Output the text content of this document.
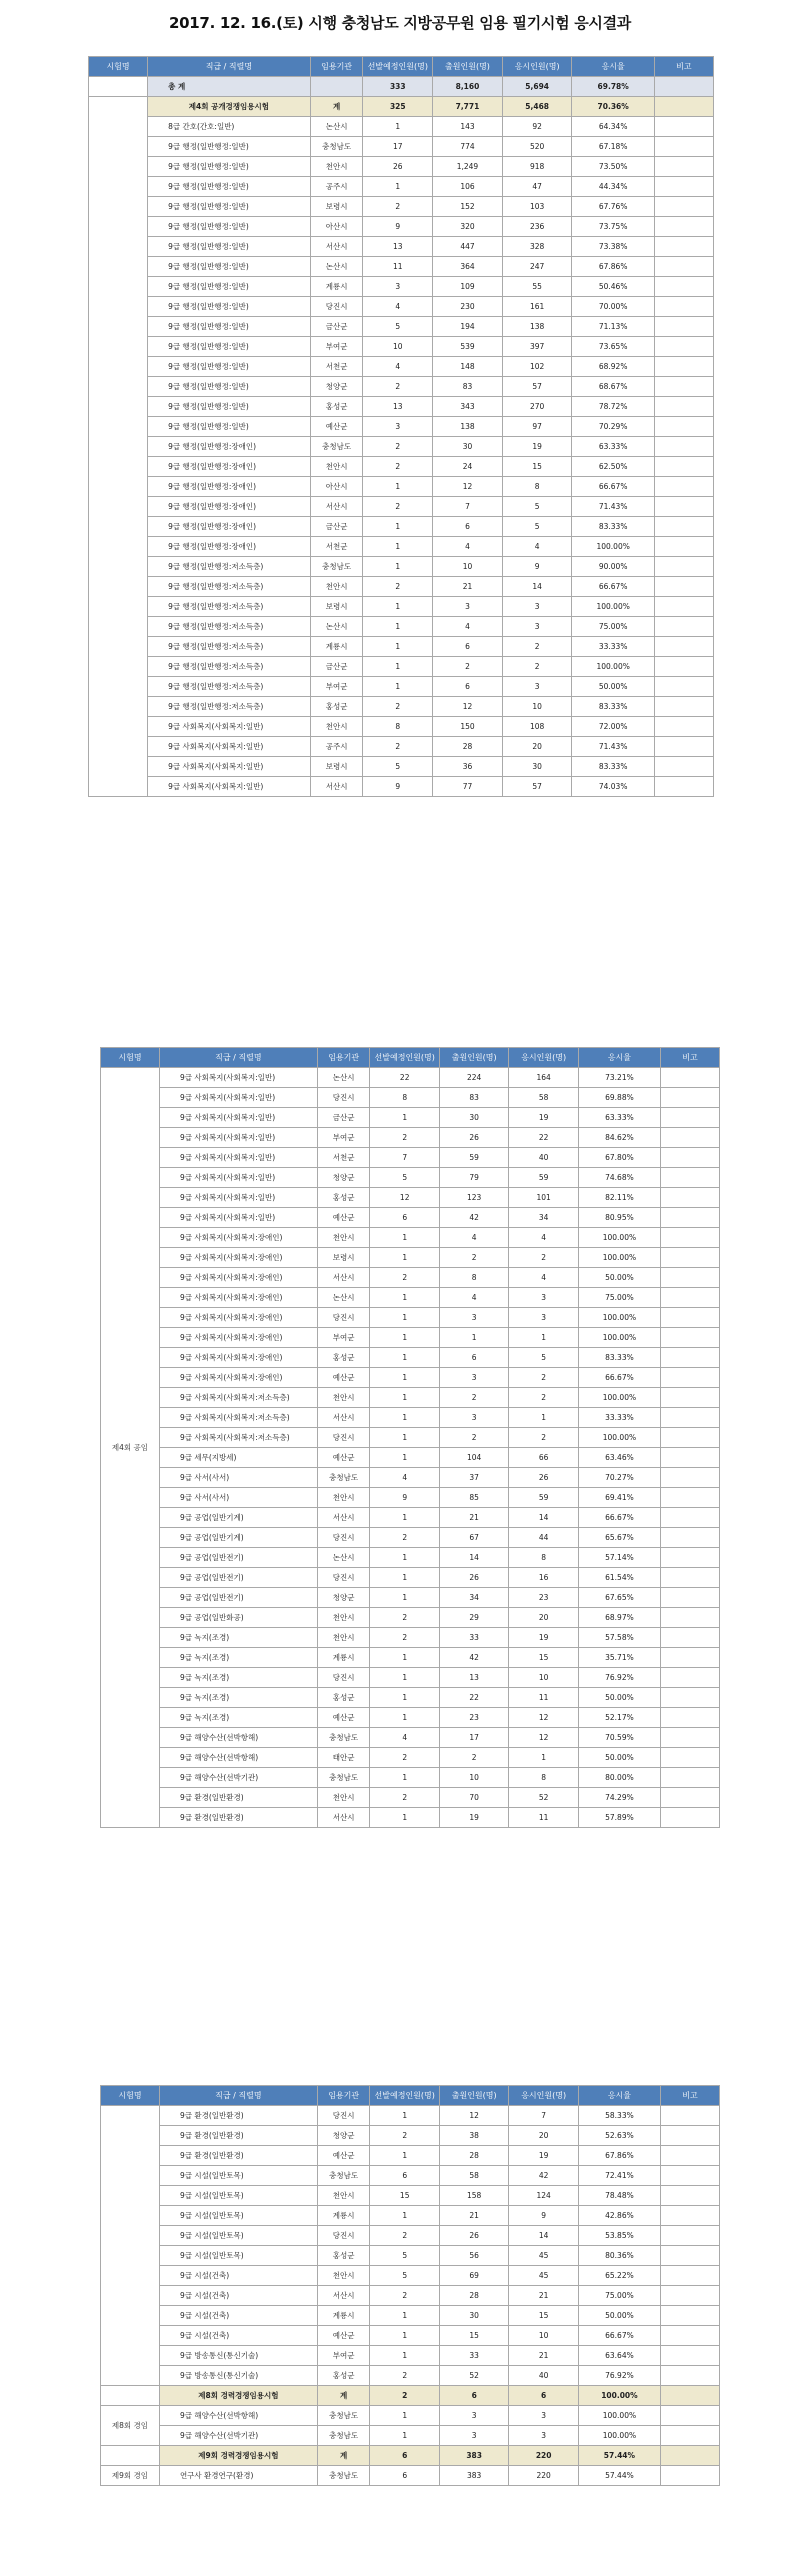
2017. 12. 16.(토) 시행 충청남도 지방공무원 임용 필기시험 응시결과
시험명	직급 / 직렬명	임용기관	선발예정인원(명)	출원인원(명)	응시인원(명)	응시율	비고
	총 계		333	8,160	5,694	69.78%	
	제4회 공개경쟁임용시험	계	325	7,771	5,468	70.36%	
	8급 간호(간호:일반)	논산시	1	143	92	64.34%	
	9급 행정(일반행정:일반)	충청남도	17	774	520	67.18%	
	9급 행정(일반행정:일반)	천안시	26	1,249	918	73.50%	
	9급 행정(일반행정:일반)	공주시	1	106	47	44.34%	
	9급 행정(일반행정:일반)	보령시	2	152	103	67.76%	
	9급 행정(일반행정:일반)	아산시	9	320	236	73.75%	
	9급 행정(일반행정:일반)	서산시	13	447	328	73.38%	
	9급 행정(일반행정:일반)	논산시	11	364	247	67.86%	
	9급 행정(일반행정:일반)	계룡시	3	109	55	50.46%	
	9급 행정(일반행정:일반)	당진시	4	230	161	70.00%	
	9급 행정(일반행정:일반)	금산군	5	194	138	71.13%	
	9급 행정(일반행정:일반)	부여군	10	539	397	73.65%	
	9급 행정(일반행정:일반)	서천군	4	148	102	68.92%	
	9급 행정(일반행정:일반)	청양군	2	83	57	68.67%	
	9급 행정(일반행정:일반)	홍성군	13	343	270	78.72%	
	9급 행정(일반행정:일반)	예산군	3	138	97	70.29%	
	9급 행정(일반행정:장애인)	충청남도	2	30	19	63.33%	
	9급 행정(일반행정:장애인)	천안시	2	24	15	62.50%	
	9급 행정(일반행정:장애인)	아산시	1	12	8	66.67%	
	9급 행정(일반행정:장애인)	서산시	2	7	5	71.43%	
	9급 행정(일반행정:장애인)	금산군	1	6	5	83.33%	
	9급 행정(일반행정:장애인)	서천군	1	4	4	100.00%	
	9급 행정(일반행정:저소득층)	충청남도	1	10	9	90.00%	
	9급 행정(일반행정:저소득층)	천안시	2	21	14	66.67%	
	9급 행정(일반행정:저소득층)	보령시	1	3	3	100.00%	
	9급 행정(일반행정:저소득층)	논산시	1	4	3	75.00%	
	9급 행정(일반행정:저소득층)	계룡시	1	6	2	33.33%	
	9급 행정(일반행정:저소득층)	금산군	1	2	2	100.00%	
	9급 행정(일반행정:저소득층)	부여군	1	6	3	50.00%	
	9급 행정(일반행정:저소득층)	홍성군	2	12	10	83.33%	
	9급 사회복지(사회복지:일반)	천안시	8	150	108	72.00%	
	9급 사회복지(사회복지:일반)	공주시	2	28	20	71.43%	
	9급 사회복지(사회복지:일반)	보령시	5	36	30	83.33%	
	9급 사회복지(사회복지:일반)	서산시	9	77	57	74.03%	
시험명	직급 / 직렬명	임용기관	선발예정인원(명)	출원인원(명)	응시인원(명)	응시율	비고
제4회 공임	9급 사회복지(사회복지:일반)	논산시	22	224	164	73.21%	
	9급 사회복지(사회복지:일반)	당진시	8	83	58	69.88%	
	9급 사회복지(사회복지:일반)	금산군	1	30	19	63.33%	
	9급 사회복지(사회복지:일반)	부여군	2	26	22	84.62%	
	9급 사회복지(사회복지:일반)	서천군	7	59	40	67.80%	
	9급 사회복지(사회복지:일반)	청양군	5	79	59	74.68%	
	9급 사회복지(사회복지:일반)	홍성군	12	123	101	82.11%	
	9급 사회복지(사회복지:일반)	예산군	6	42	34	80.95%	
	9급 사회복지(사회복지:장애인)	천안시	1	4	4	100.00%	
	9급 사회복지(사회복지:장애인)	보령시	1	2	2	100.00%	
	9급 사회복지(사회복지:장애인)	서산시	2	8	4	50.00%	
	9급 사회복지(사회복지:장애인)	논산시	1	4	3	75.00%	
	9급 사회복지(사회복지:장애인)	당진시	1	3	3	100.00%	
	9급 사회복지(사회복지:장애인)	부여군	1	1	1	100.00%	
	9급 사회복지(사회복지:장애인)	홍성군	1	6	5	83.33%	
	9급 사회복지(사회복지:장애인)	예산군	1	3	2	66.67%	
	9급 사회복지(사회복지:저소득층)	천안시	1	2	2	100.00%	
	9급 사회복지(사회복지:저소득층)	서산시	1	3	1	33.33%	
	9급 사회복지(사회복지:저소득층)	당진시	1	2	2	100.00%	
	9급 세무(지방세)	예산군	1	104	66	63.46%	
	9급 사서(사서)	충청남도	4	37	26	70.27%	
	9급 사서(사서)	천안시	9	85	59	69.41%	
	9급 공업(일반기계)	서산시	1	21	14	66.67%	
	9급 공업(일반기계)	당진시	2	67	44	65.67%	
	9급 공업(일반전기)	논산시	1	14	8	57.14%	
	9급 공업(일반전기)	당진시	1	26	16	61.54%	
	9급 공업(일반전기)	청양군	1	34	23	67.65%	
	9급 공업(일반화공)	천안시	2	29	20	68.97%	
	9급 녹지(조경)	천안시	2	33	19	57.58%	
	9급 녹지(조경)	계룡시	1	42	15	35.71%	
	9급 녹지(조경)	당진시	1	13	10	76.92%	
	9급 녹지(조경)	홍성군	1	22	11	50.00%	
	9급 녹지(조경)	예산군	1	23	12	52.17%	
	9급 해양수산(선박항해)	충청남도	4	17	12	70.59%	
	9급 해양수산(선박항해)	태안군	2	2	1	50.00%	
	9급 해양수산(선박기관)	충청남도	1	10	8	80.00%	
	9급 환경(일반환경)	천안시	2	70	52	74.29%	
	9급 환경(일반환경)	서산시	1	19	11	57.89%	
시험명	직급 / 직렬명	임용기관	선발예정인원(명)	출원인원(명)	응시인원(명)	응시율	비고
	9급 환경(일반환경)	당진시	1	12	7	58.33%	
	9급 환경(일반환경)	청양군	2	38	20	52.63%	
	9급 환경(일반환경)	예산군	1	28	19	67.86%	
	9급 시설(일반토목)	충청남도	6	58	42	72.41%	
	9급 시설(일반토목)	천안시	15	158	124	78.48%	
	9급 시설(일반토목)	계룡시	1	21	9	42.86%	
	9급 시설(일반토목)	당진시	2	26	14	53.85%	
	9급 시설(일반토목)	홍성군	5	56	45	80.36%	
	9급 시설(건축)	천안시	5	69	45	65.22%	
	9급 시설(건축)	서산시	2	28	21	75.00%	
	9급 시설(건축)	계룡시	1	30	15	50.00%	
	9급 시설(건축)	예산군	1	15	10	66.67%	
	9급 방송통신(통신기술)	부여군	1	33	21	63.64%	
	9급 방송통신(통신기술)	홍성군	2	52	40	76.92%	
	제8회 경력경쟁임용시험	계	2	6	6	100.00%	
제8회 경임	9급 해양수산(선박항해)	충청남도	1	3	3	100.00%	
	9급 해양수산(선박기관)	충청남도	1	3	3	100.00%	
	제9회 경력경쟁임용시험	계	6	383	220	57.44%	
제9회 경임	연구사 환경연구(환경)	충청남도	6	383	220	57.44%	
